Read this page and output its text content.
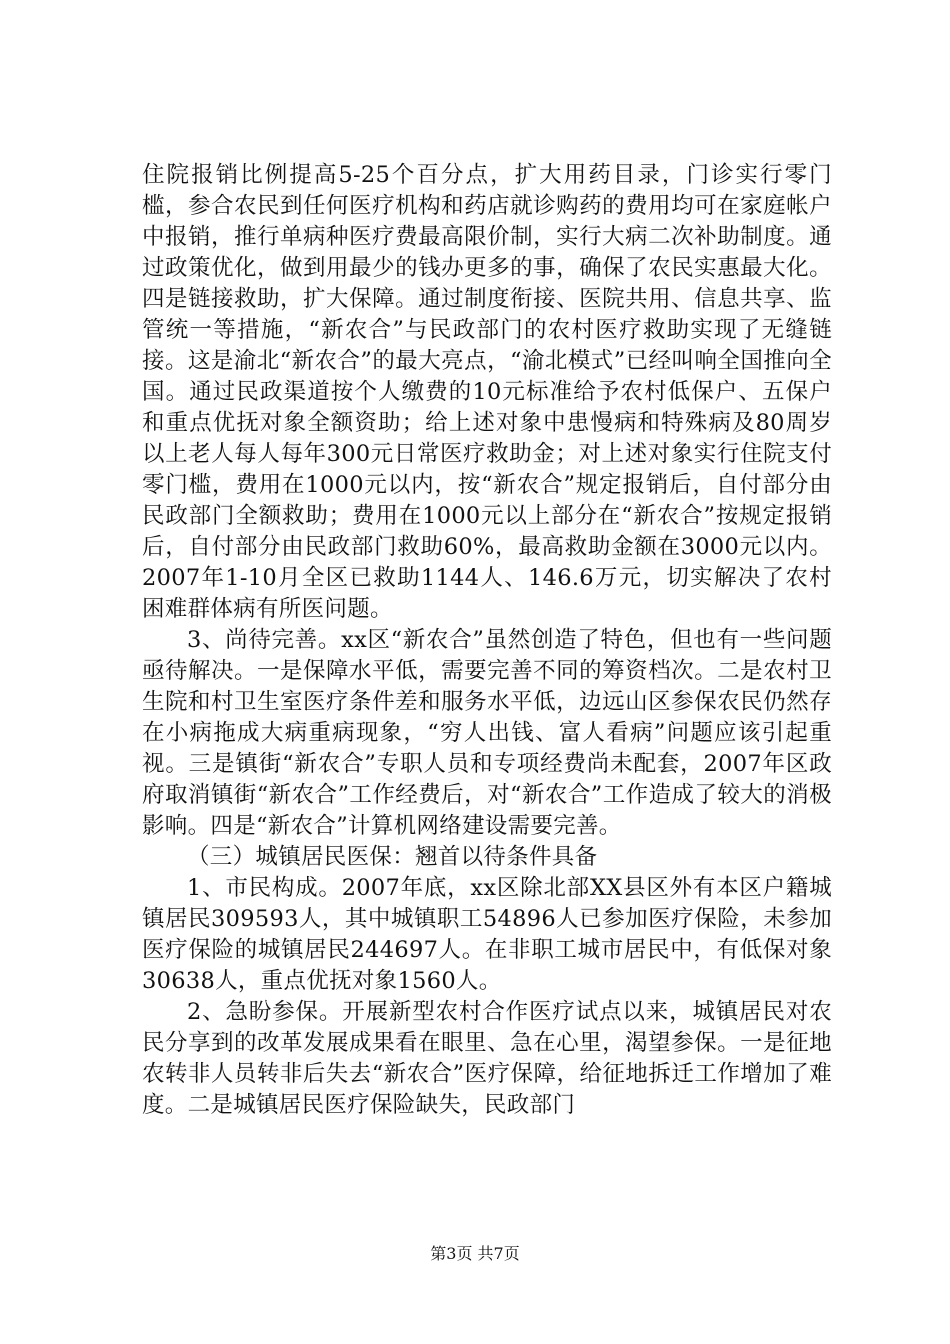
住院报销比例提高5-25个百分点，扩大用药目录，门诊实行零门槛，参合农民到任何医疗机构和药店就诊购药的费用均可在家庭帐户中报销，推行单病种医疗费最高限价制，实行大病二次补助制度。通过政策优化，做到用最少的钱办更多的事，确保了农民实惠最大化。四是链接救助，扩大保障。通过制度衔接、医院共用、信息共享、监管统一等措施，“新农合”与民政部门的农村医疗救助实现了无缝链接。这是渝北“新农合”的最大亮点，“渝北模式”已经叫响全国推向全国。通过民政渠道按个人缴费的10元标准给予农村低保户、五保户和重点优抚对象全额资助；给上述对象中患慢病和特殊病及80周岁以上老人每人每年300元日常医疗救助金；对上述对象实行住院支付零门槛，费用在1000元以内，按“新农合”规定报销后，自付部分由民政部门全额救助；费用在1000元以上部分在“新农合”按规定报销后，自付部分由民政部门救助60%，最高救助金额在3000元以内。2007年1-10月全区已救助1144人、146.6万元，切实解决了农村困难群体病有所医问题。

3、尚待完善。xx区“新农合”虽然创造了特色，但也有一些问题亟待解决。一是保障水平低，需要完善不同的筹资档次。二是农村卫生院和村卫生室医疗条件差和服务水平低，边远山区参保农民仍然存在小病拖成大病重病现象，“穷人出钱、富人看病”问题应该引起重视。三是镇街“新农合”专职人员和专项经费尚未配套，2007年区政府取消镇街“新农合”工作经费后，对“新农合”工作造成了较大的消极影响。四是“新农合”计算机网络建设需要完善。

（三）城镇居民医保：翘首以待条件具备

1、市民构成。2007年底，xx区除北部XX县区外有本区户籍城镇居民309593人，其中城镇职工54896人已参加医疗保险，未参加医疗保险的城镇居民244697人。在非职工城市居民中，有低保对象30638人，重点优抚对象1560人。

2、急盼参保。开展新型农村合作医疗试点以来，城镇居民对农民分享到的改革发展成果看在眼里、急在心里，渴望参保。一是征地农转非人员转非后失去“新农合”医疗保障，给征地拆迁工作增加了难度。二是城镇居民医疗保险缺失，民政部门

第3页 共7页
